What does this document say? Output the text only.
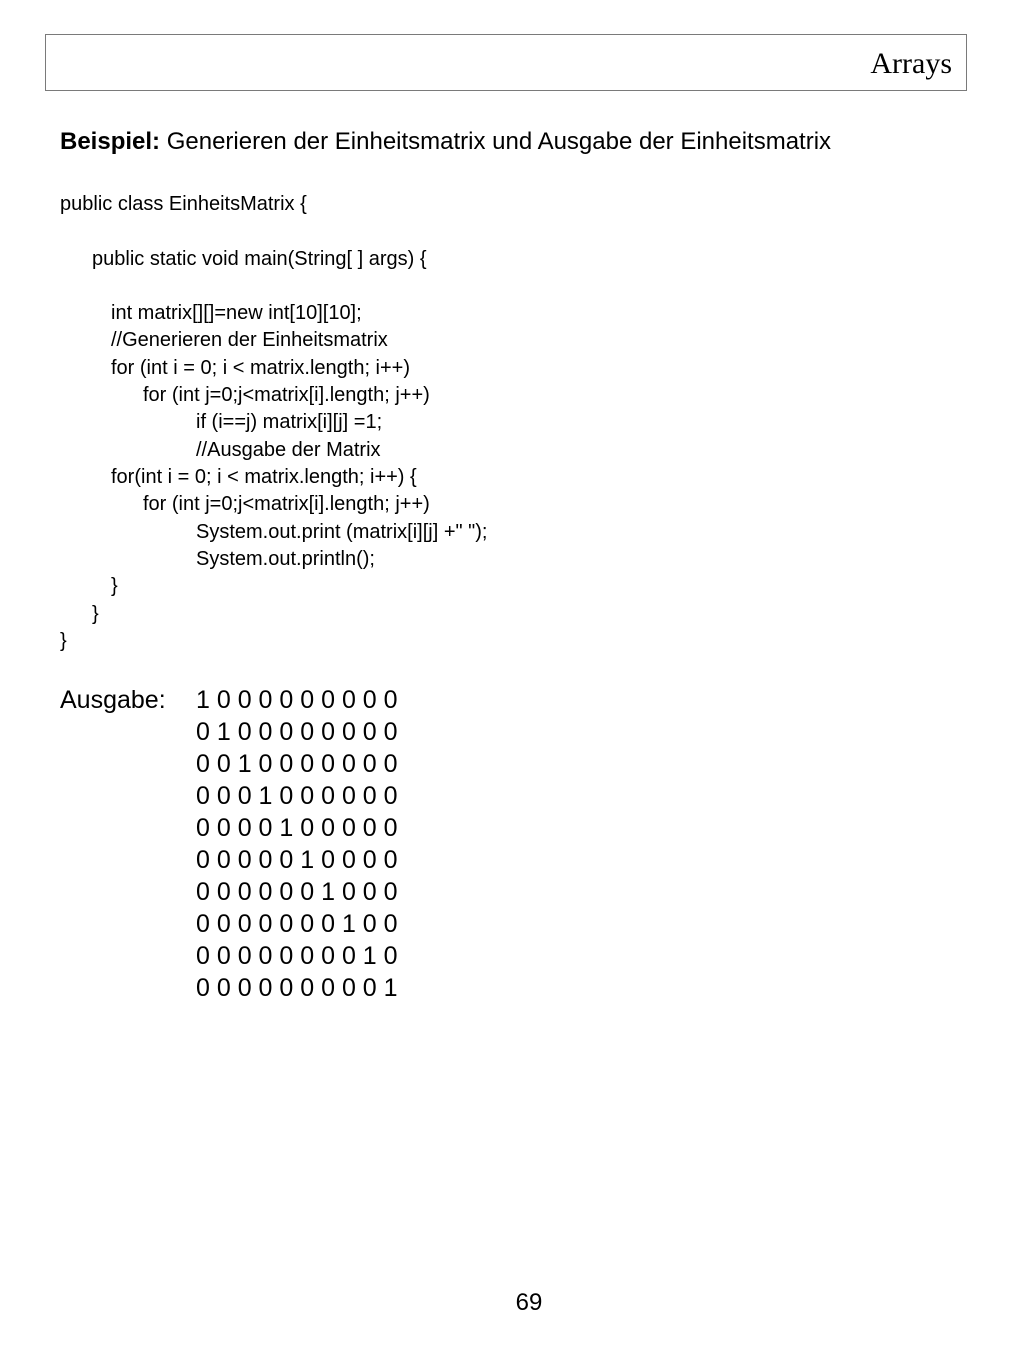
Arrays
Beispiel: Generieren der Einheitsmatrix und Ausgabe der Einheitsmatrix
public class EinheitsMatrix {
public static void main(String[ ] args) {
int matrix[][]=new int[10][10];
//Generieren der Einheitsmatrix
for (int i = 0; i < matrix.length; i++)
for (int j=0;j<matrix[i].length; j++)
if (i==j) matrix[i][j] =1;
//Ausgabe der Matrix
for(int i = 0; i < matrix.length; i++) {
for (int j=0;j<matrix[i].length; j++)
System.out.print (matrix[i][j] +" ");
System.out.println();
}
}
}
Ausgabe: 1 0 0 0 0 0 0 0 0 0
0 1 0 0 0 0 0 0 0 0
0 0 1 0 0 0 0 0 0 0
0 0 0 1 0 0 0 0 0 0
0 0 0 0 1 0 0 0 0 0
0 0 0 0 0 1 0 0 0 0
0 0 0 0 0 0 1 0 0 0
0 0 0 0 0 0 0 1 0 0
0 0 0 0 0 0 0 0 1 0
0 0 0 0 0 0 0 0 0 1
69
